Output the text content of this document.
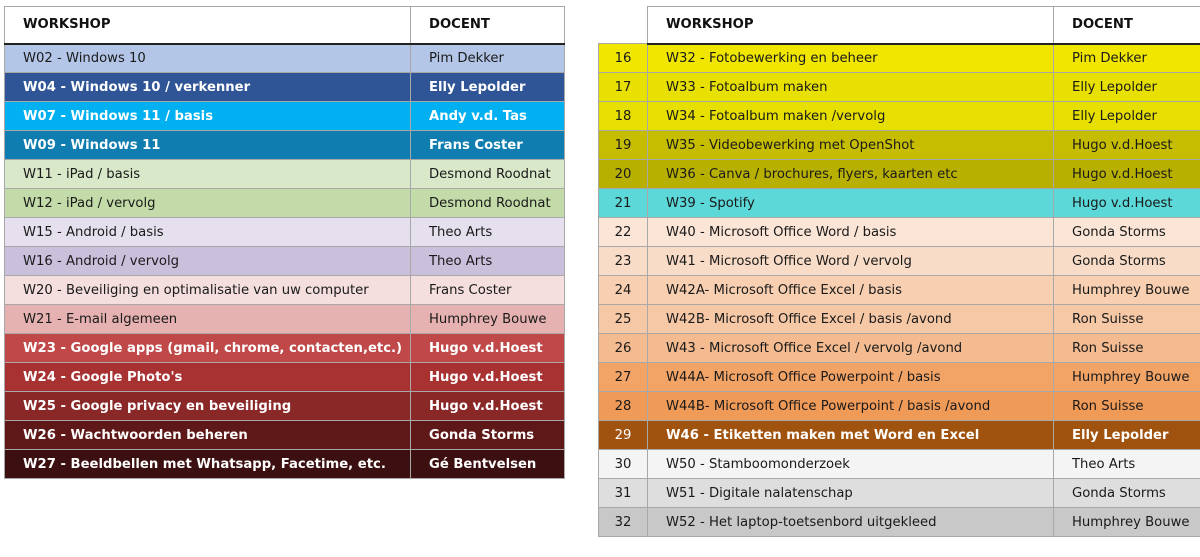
WORKSHOP	DOCENT
W02 - Windows 10	Pim Dekker
W04 - Windows 10 / verkenner	Elly Lepolder
W07 - Windows 11 / basis	Andy v.d. Tas
W09 - Windows 11	Frans Coster
W11 - iPad / basis	Desmond Roodnat
W12 - iPad / vervolg	Desmond Roodnat
W15 - Android / basis	Theo Arts
W16 - Android / vervolg	Theo Arts
W20 - Beveiliging en optimalisatie van uw computer	Frans Coster
W21 - E-mail algemeen	Humphrey Bouwe
W23 - Google apps (gmail, chrome, contacten,etc.)	Hugo v.d.Hoest
W24 - Google Photo's	Hugo v.d.Hoest
W25 - Google privacy en beveiliging	Hugo v.d.Hoest
W26 - Wachtwoorden beheren	Gonda Storms
W27 - Beeldbellen met Whatsapp, Facetime, etc.	Gé Bentvelsen
	WORKSHOP	DOCENT
16	W32 - Fotobewerking en beheer	Pim Dekker
17	W33 - Fotoalbum maken	Elly Lepolder
18	W34 - Fotoalbum maken /vervolg	Elly Lepolder
19	W35 - Videobewerking met OpenShot	Hugo v.d.Hoest
20	W36 - Canva / brochures, flyers, kaarten etc	Hugo v.d.Hoest
21	W39 - Spotify	Hugo v.d.Hoest
22	W40 - Microsoft Office Word / basis	Gonda Storms
23	W41 - Microsoft Office Word / vervolg	Gonda Storms
24	W42A- Microsoft Office Excel / basis	Humphrey Bouwe
25	W42B- Microsoft Office Excel / basis /avond	Ron Suisse
26	W43 - Microsoft Office Excel / vervolg /avond	Ron Suisse
27	W44A- Microsoft Office Powerpoint / basis	Humphrey Bouwe
28	W44B- Microsoft Office Powerpoint / basis /avond	Ron Suisse
29	W46 - Etiketten maken met Word en Excel	Elly Lepolder
30	W50 - Stamboomonderzoek	Theo Arts
31	W51 - Digitale nalatenschap	Gonda Storms
32	W52 - Het laptop-toetsenbord uitgekleed	Humphrey Bouwe
